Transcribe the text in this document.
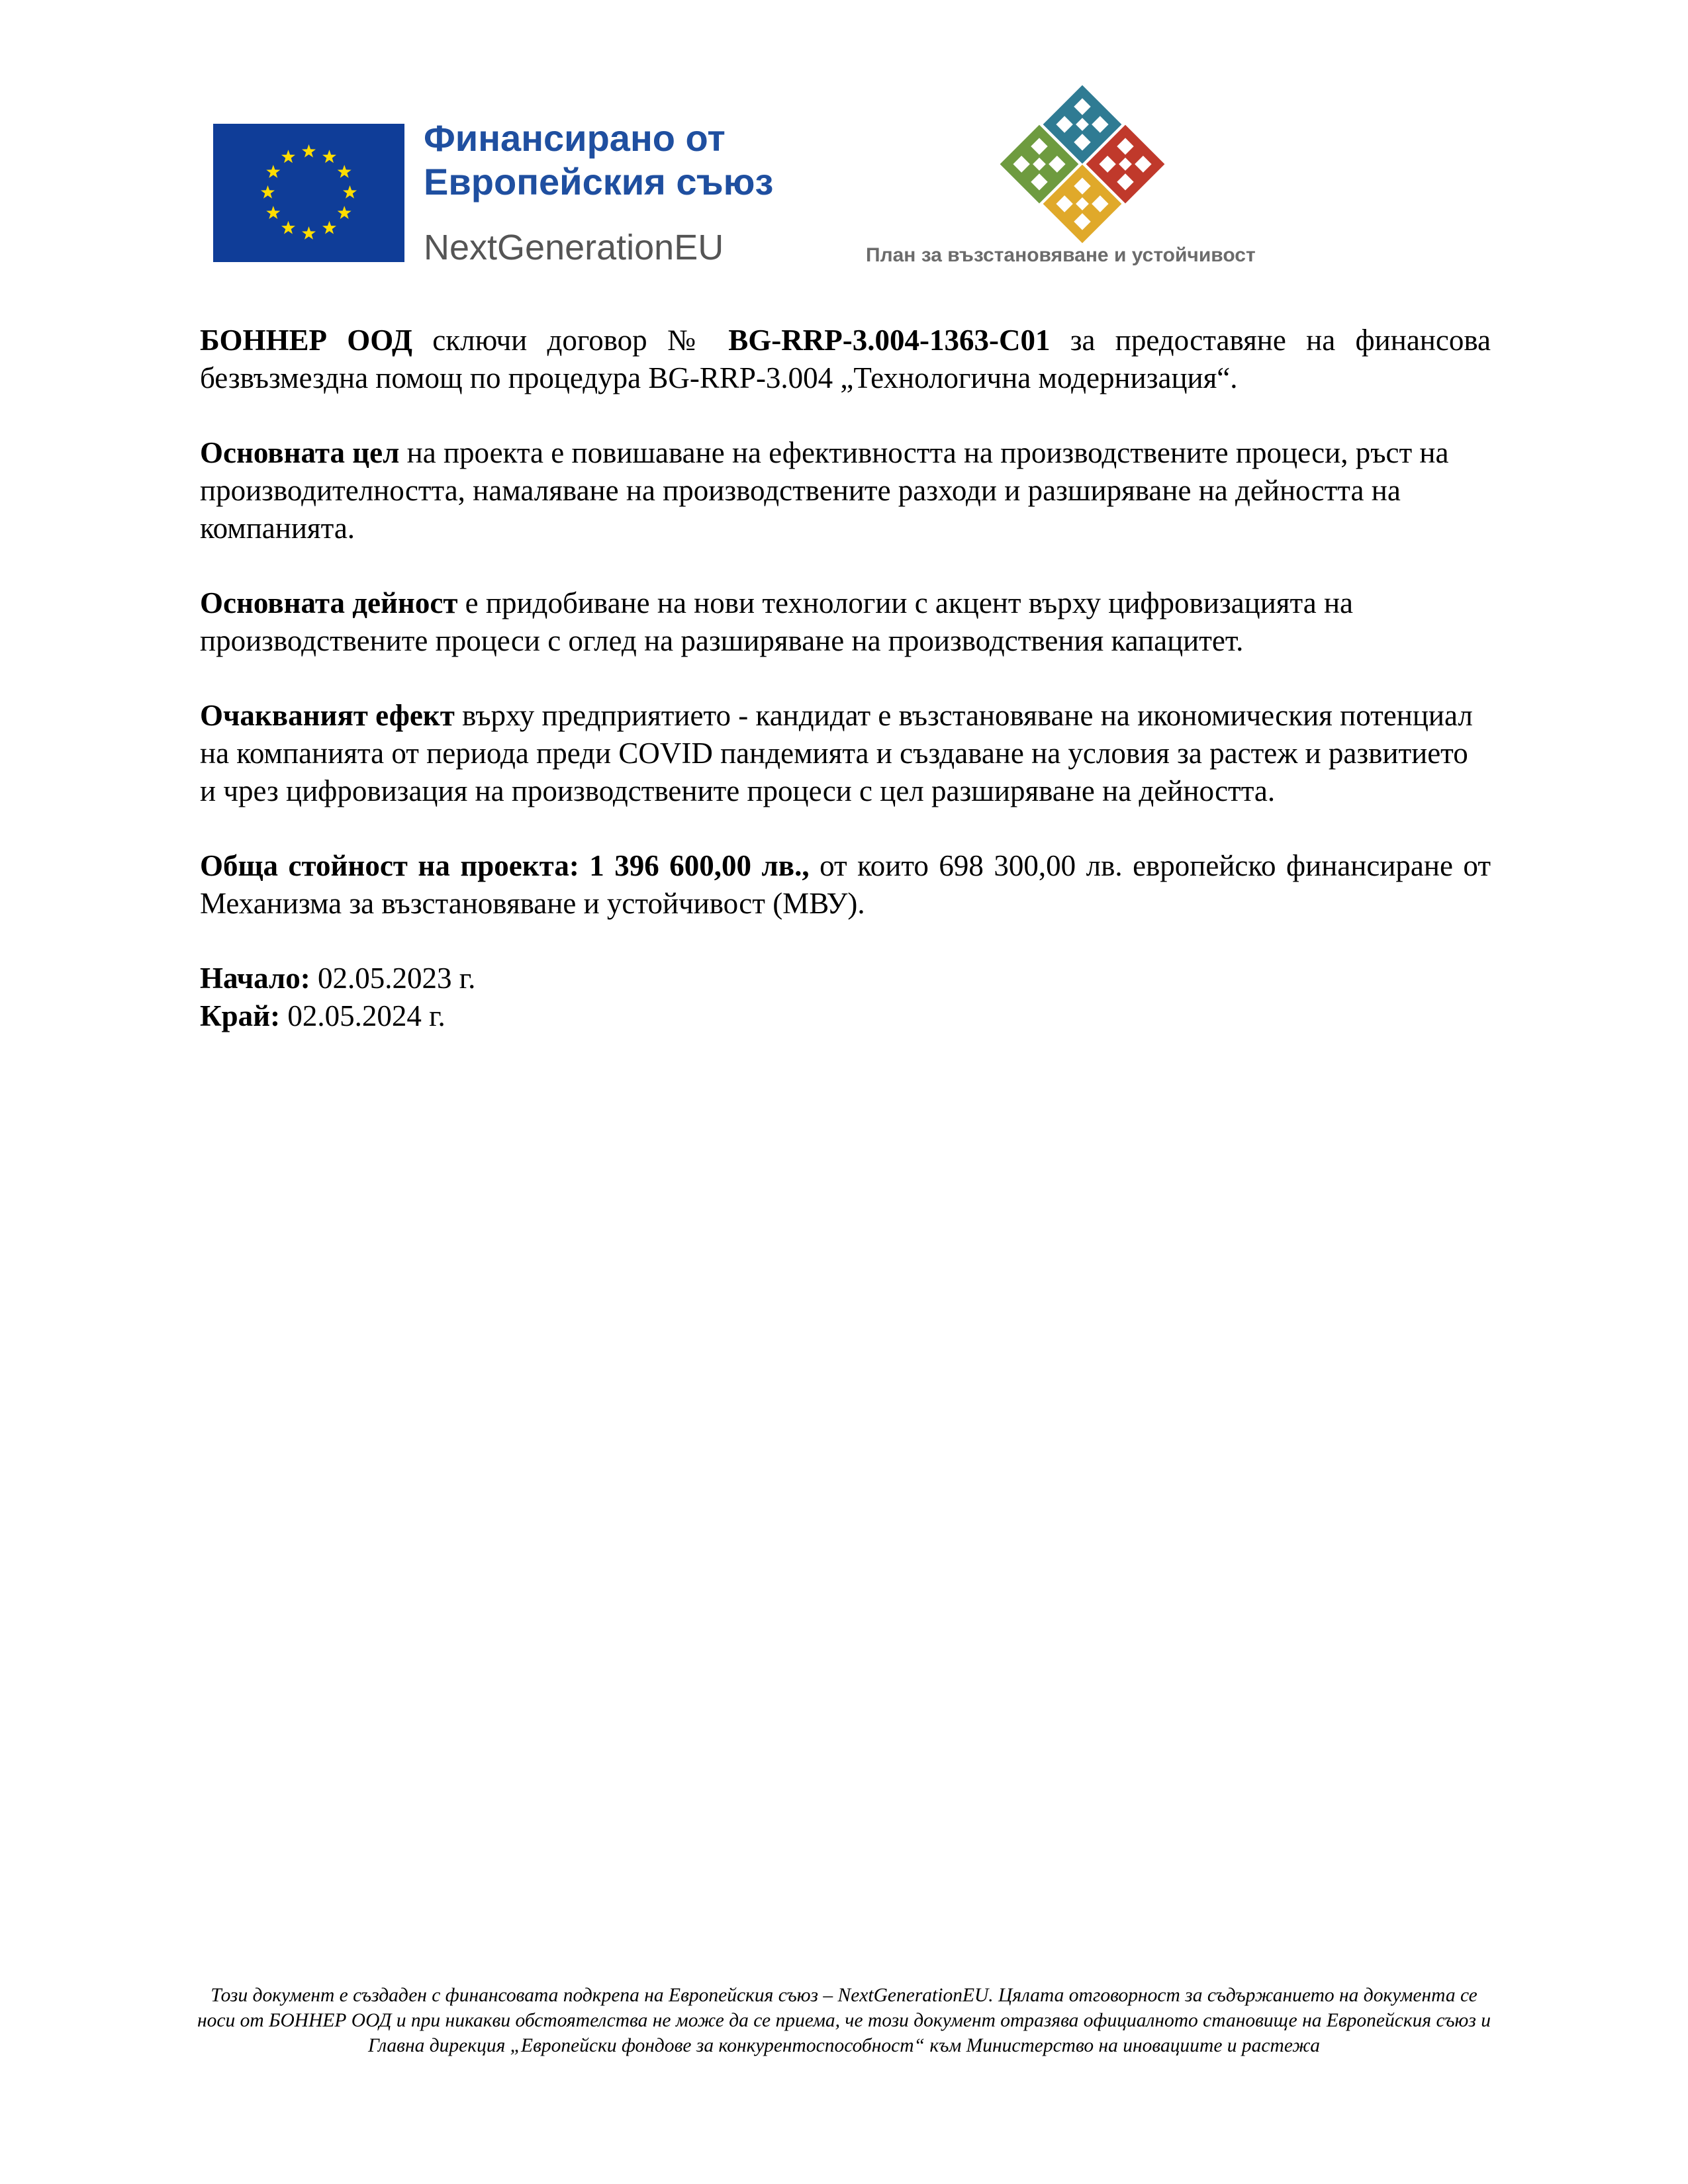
Финансирано от
Европейския съюз
NextGenerationEU	План за възстановяване и устойчивост

БОННЕР ООД сключи договор № BG-RRP-3.004-1363-C01 за предоставяне на финансова безвъзмездна помощ по процедура BG-RRP-3.004 „Технологична модернизация“.

Основната цел на проекта е повишаване на ефективността на производствените процеси, ръст на производителността, намаляване на производствените разходи и разширяване на дейността на компанията.

Основната дейност е придобиване на нови технологии с акцент върху цифровизацията на производствените процеси с оглед на разширяване на производствения капацитет.

Очакваният ефект върху предприятието - кандидат е възстановяване на икономическия потенциал на компанията от периода преди COVID пандемията и създаване на условия за растеж и развитието и чрез цифровизация на производствените процеси с цел разширяване на дейността.

Обща стойност на проекта: 1 396 600,00 лв., от които 698 300,00 лв. европейско финансиране от Механизма за възстановяване и устойчивост (МВУ).

Начало: 02.05.2023 г.

Край: 02.05.2024 г.

Този документ е създаден с финансовата подкрепа на Европейския съюз – NextGenerationEU. Цялата отговорност за съдържанието на документа се носи от БОННЕР ООД и при никакви обстоятелства не може да се приема, че този документ отразява официалното становище на Европейския съюз и Главна дирекция „Европейски фондове за конкурентоспособност“ към Министерство на иновациите и растежа
